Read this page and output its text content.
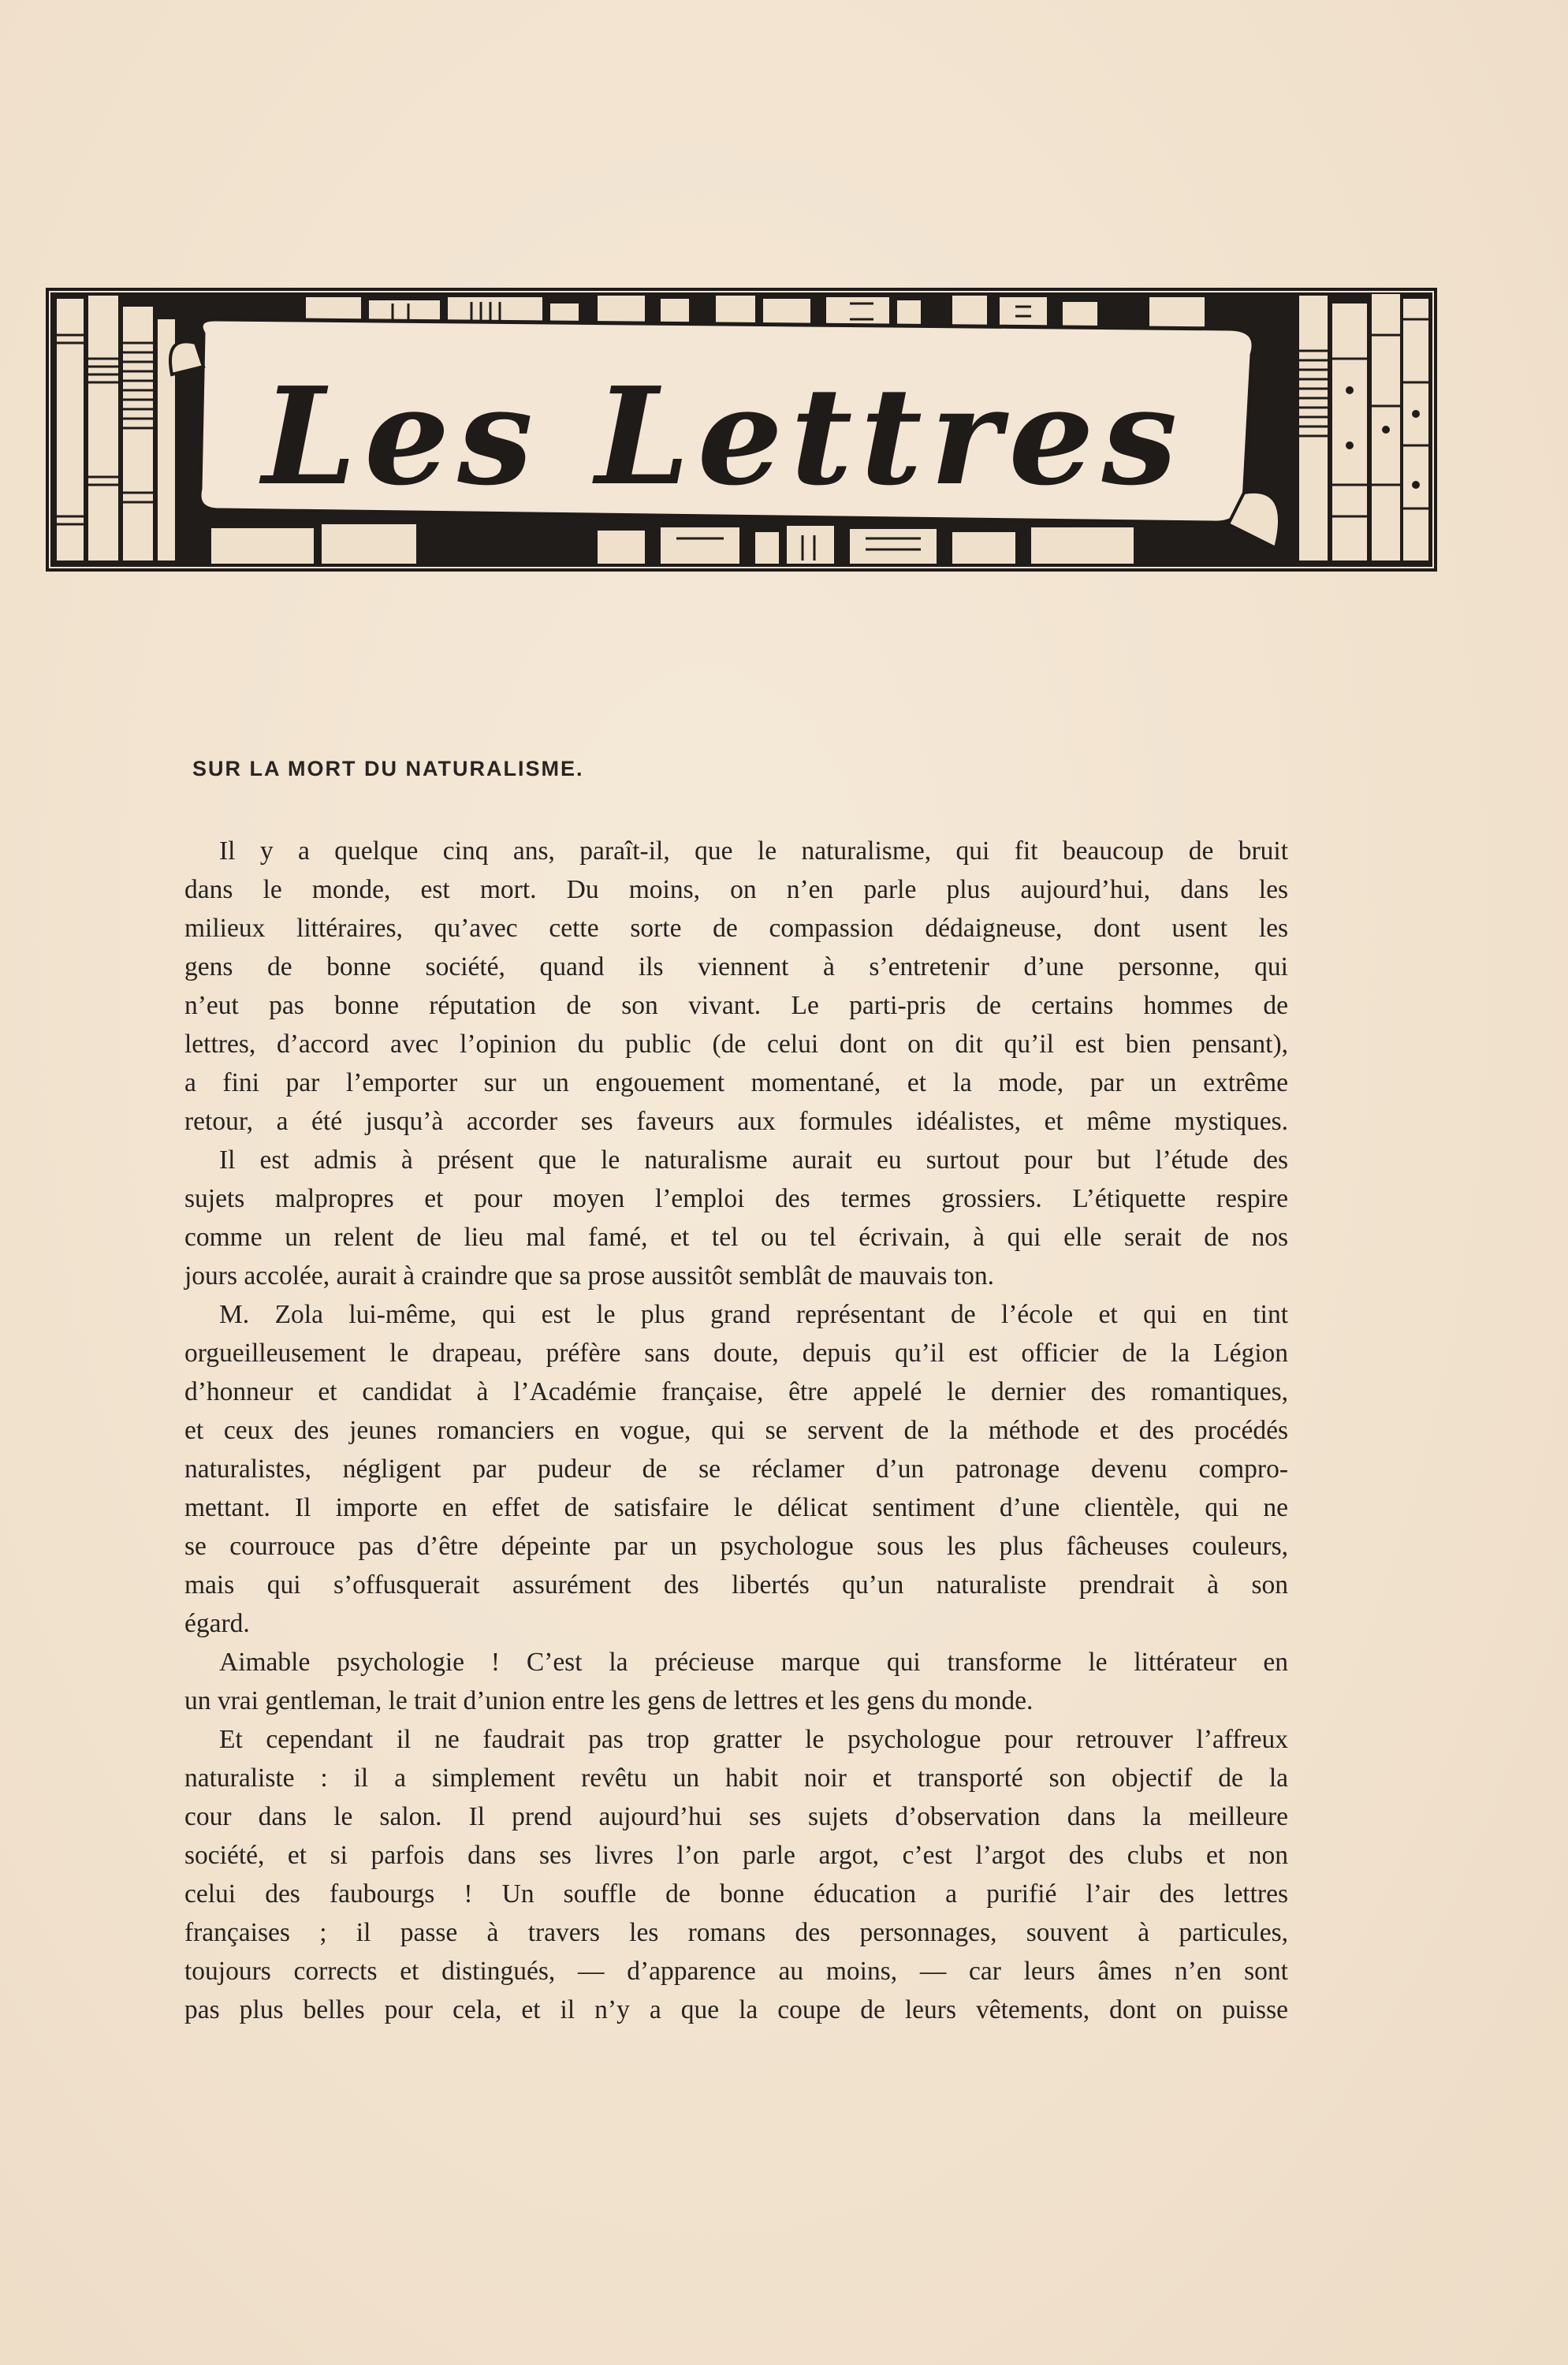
Les Lettres
SUR LA MORT DU NATURALISME.
Il y a quelque cinq ans, paraît-il, que le naturalisme, qui fit beaucoup de bruit
dans le monde, est mort. Du moins, on n’en parle plus aujourd’hui, dans les
milieux littéraires, qu’avec cette sorte de compassion dédaigneuse, dont usent les
gens de bonne société, quand ils viennent à s’entretenir d’une personne, qui
n’eut pas bonne réputation de son vivant. Le parti-pris de certains hommes de
lettres, d’accord avec l’opinion du public (de celui dont on dit qu’il est bien pensant),
a fini par l’emporter sur un engouement momentané, et la mode, par un extrême
retour, a été jusqu’à accorder ses faveurs aux formules idéalistes, et même mystiques.
Il est admis à présent que le naturalisme aurait eu surtout pour but l’étude des
sujets malpropres et pour moyen l’emploi des termes grossiers. L’étiquette respire
comme un relent de lieu mal famé, et tel ou tel écrivain, à qui elle serait de nos
jours accolée, aurait à craindre que sa prose aussitôt semblât de mauvais ton.
M. Zola lui-même, qui est le plus grand représentant de l’école et qui en tint
orgueilleusement le drapeau, préfère sans doute, depuis qu’il est officier de la Légion
d’honneur et candidat à l’Académie française, être appelé le dernier des romantiques,
et ceux des jeunes romanciers en vogue, qui se servent de la méthode et des procédés
naturalistes, négligent par pudeur de se réclamer d’un patronage devenu compro-
mettant. Il importe en effet de satisfaire le délicat sentiment d’une clientèle, qui ne
se courrouce pas d’être dépeinte par un psychologue sous les plus fâcheuses couleurs,
mais qui s’offusquerait assurément des libertés qu’un naturaliste prendrait à son
égard.
Aimable psychologie ! C’est la précieuse marque qui transforme le littérateur en
un vrai gentleman, le trait d’union entre les gens de lettres et les gens du monde.
Et cependant il ne faudrait pas trop gratter le psychologue pour retrouver l’affreux
naturaliste : il a simplement revêtu un habit noir et transporté son objectif de la
cour dans le salon. Il prend aujourd’hui ses sujets d’observation dans la meilleure
société, et si parfois dans ses livres l’on parle argot, c’est l’argot des clubs et non
celui des faubourgs ! Un souffle de bonne éducation a purifié l’air des lettres
françaises ; il passe à travers les romans des personnages, souvent à particules,
toujours corrects et distingués, — d’apparence au moins, — car leurs âmes n’en sont
pas plus belles pour cela, et il n’y a que la coupe de leurs vêtements, dont on puisse
